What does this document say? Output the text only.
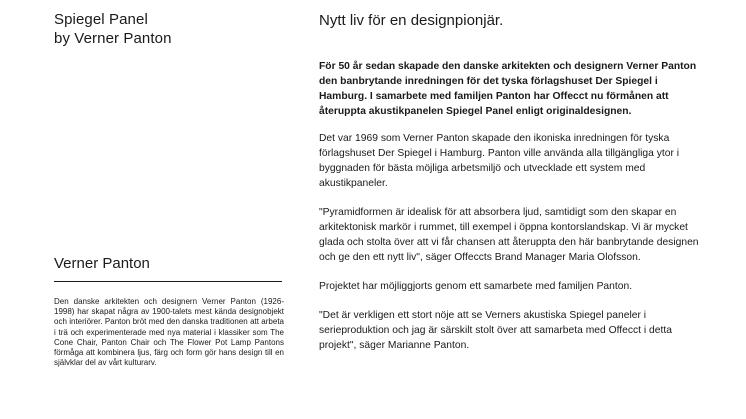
Spiegel Panel
by Verner Panton
Verner Panton

Den danske arkitekten och designern Verner Panton (1926-1998) har skapat några av 1900-talets mest kända designobjekt och interiörer. Panton bröt med den danska traditionen att arbeta i trä och experimenterade med nya material i klassiker som The Cone Chair, Panton Chair och The Flower Pot Lamp Pantons förmåga att kombinera ljus, färg och form gör hans design till en självklar del av vårt kulturarv.

Nytt liv för en designpionjär.

För 50 år sedan skapade den danske arkitekten och designern Verner Panton den banbrytande inredningen för det tyska förlagshuset Der Spiegel i Hamburg. I samarbete med familjen Panton har Offecct nu förmånen att återuppta akustikpanelen Spiegel Panel enligt originaldesignen.

Det var 1969 som Verner Panton skapade den ikoniska inredningen för tyska förlagshuset Der Spiegel i Hamburg. Panton ville använda alla tillgängliga ytor i byggnaden för bästa möjliga arbetsmiljö och utvecklade ett system med akustikpaneler.

"Pyramidformen är idealisk för att absorbera ljud, samtidigt som den skapar en arkitektonisk markör i rummet, till exempel i öppna kontorslandskap. Vi är mycket glada och stolta över att vi får chansen att återuppta den här banbrytande designen och ge den ett nytt liv", säger Offeccts Brand Manager Maria Olofsson.

Projektet har möjliggjorts genom ett samarbete med familjen Panton.

"Det är verkligen ett stort nöje att se Verners akustiska Spiegel paneler i serieproduktion och jag är särskilt stolt över att samarbeta med Offecct i detta projekt", säger Marianne Panton.
